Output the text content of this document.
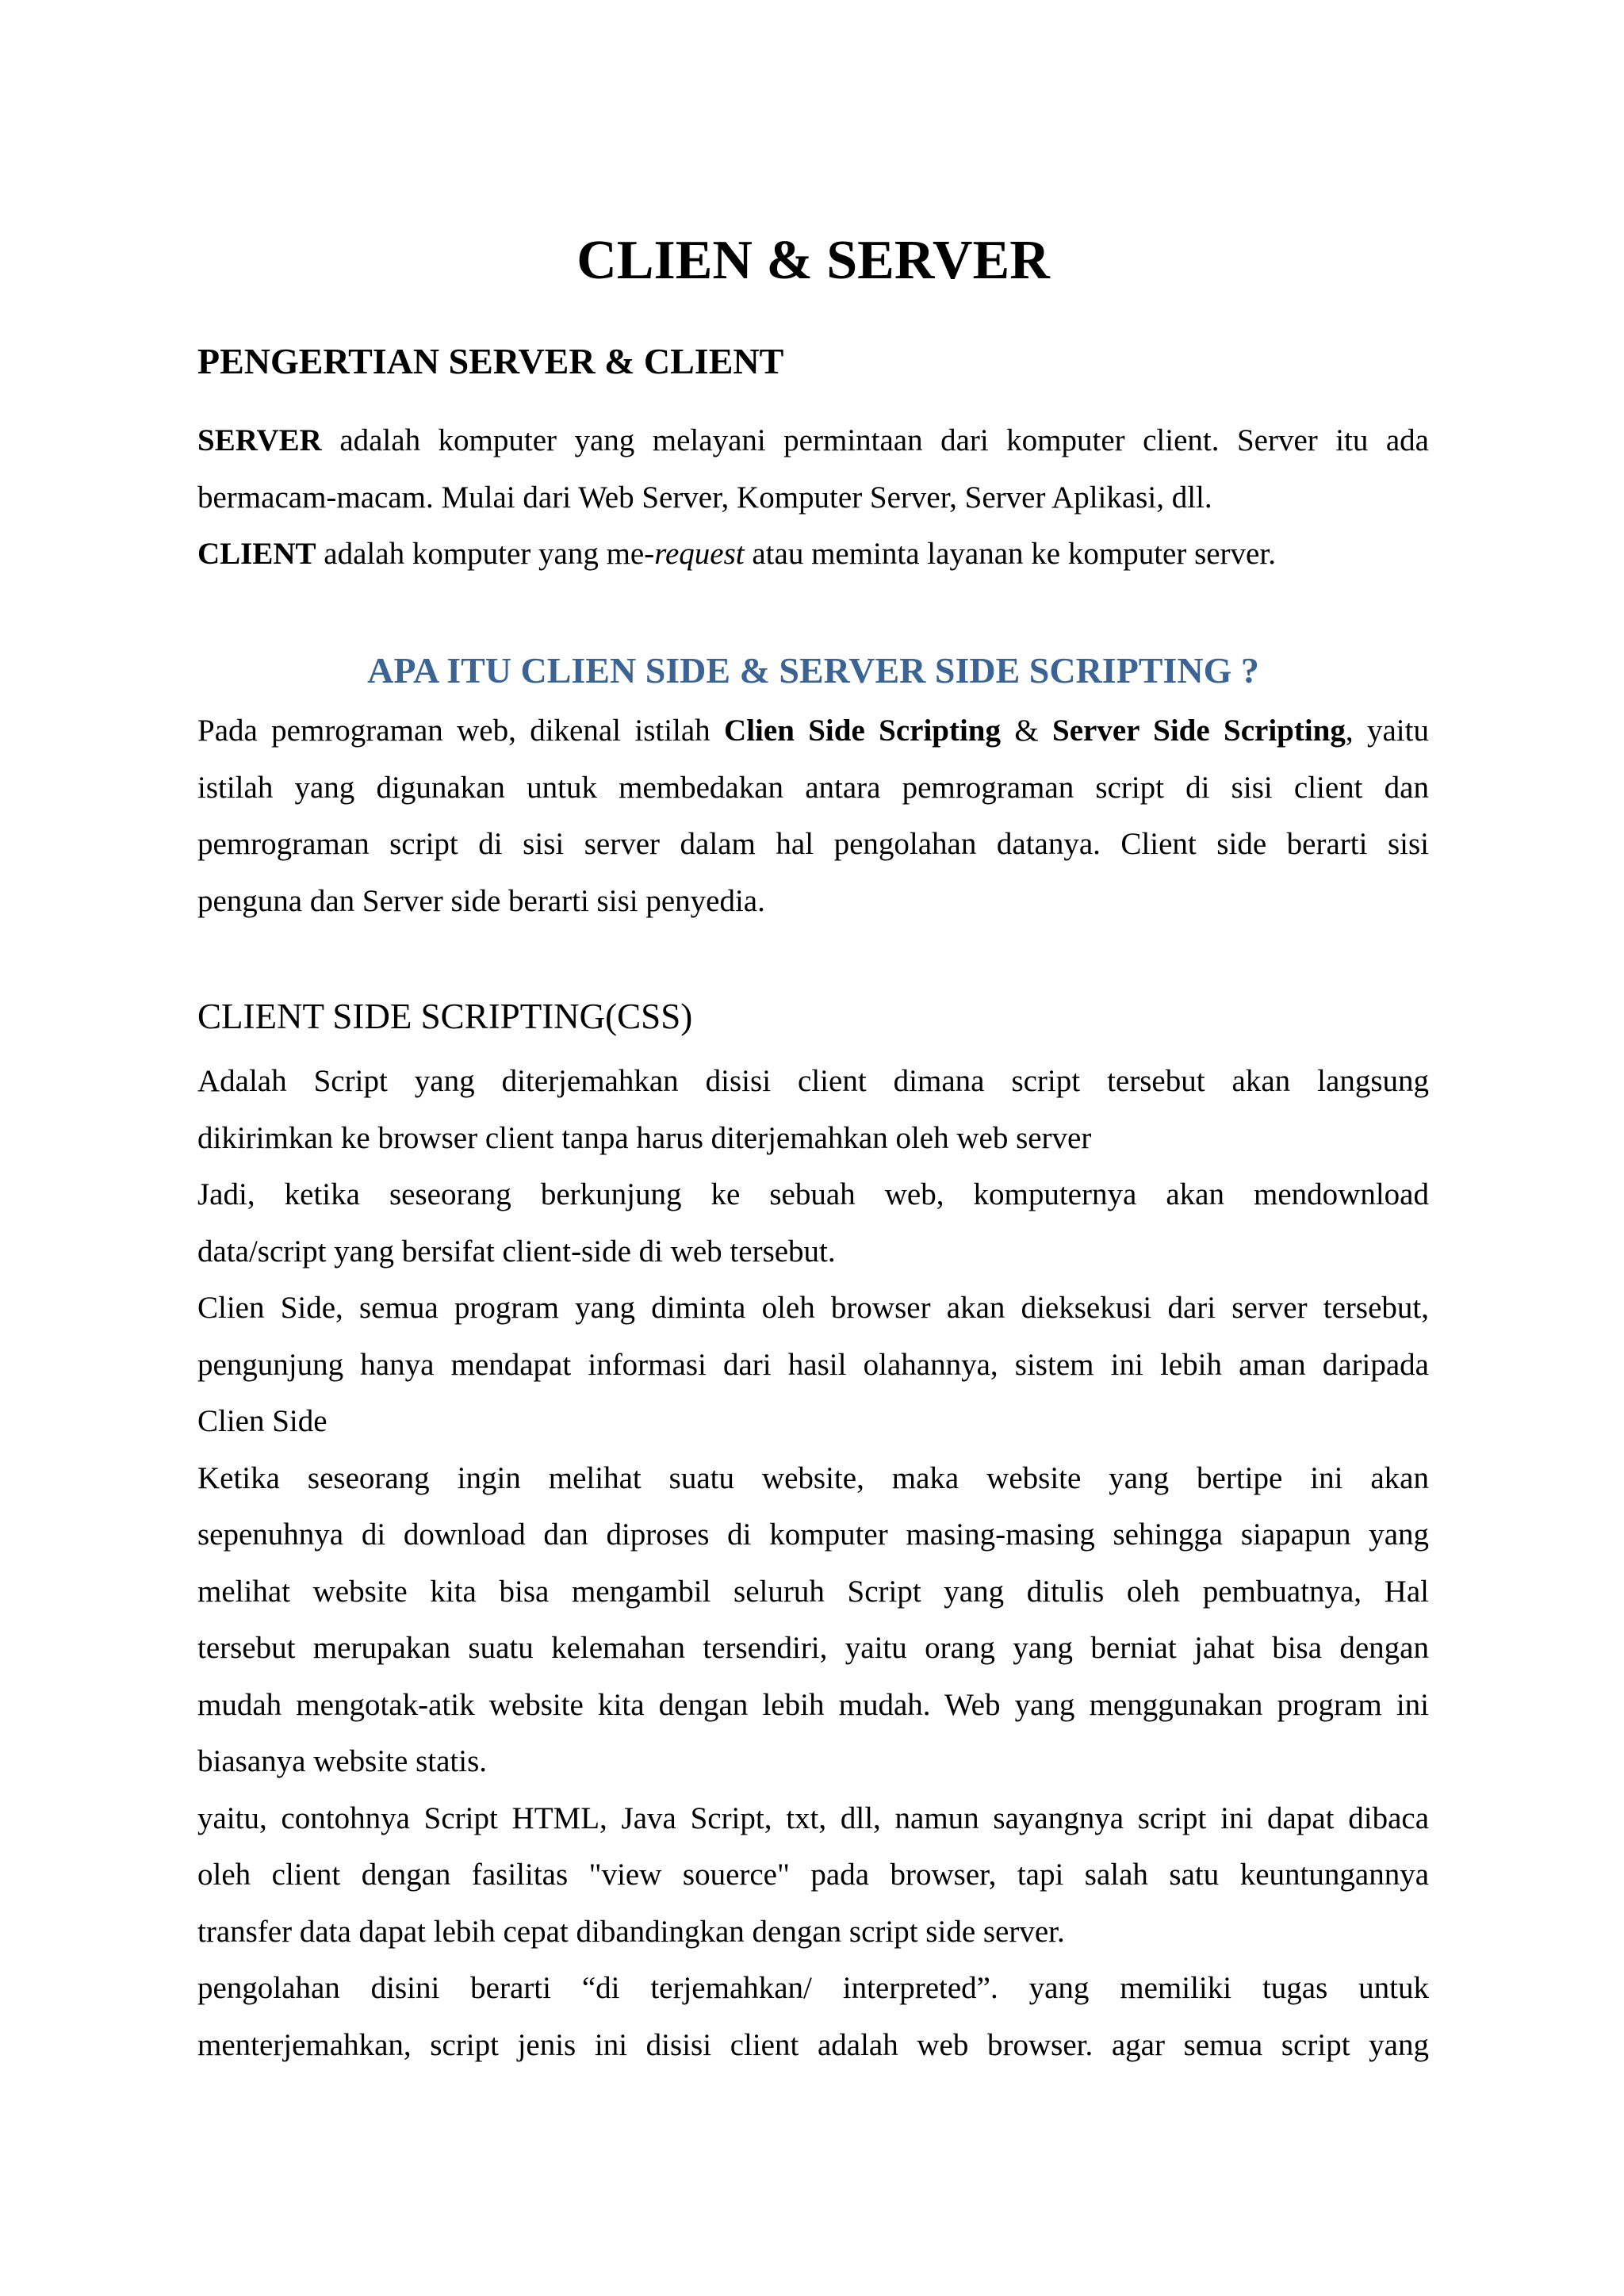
CLIEN & SERVER
PENGERTIAN SERVER & CLIENT
SERVER adalah komputer yang melayani permintaan dari komputer client. Server itu ada
bermacam-macam. Mulai dari Web Server, Komputer Server, Server Aplikasi, dll.
CLIENT adalah komputer yang me-request atau meminta layanan ke komputer server.
APA ITU CLIEN SIDE & SERVER SIDE SCRIPTING ?
Pada pemrograman web, dikenal istilah Clien Side Scripting & Server Side Scripting, yaitu
istilah yang digunakan untuk membedakan antara pemrograman script di sisi client dan
pemrograman script di sisi server dalam hal pengolahan datanya. Client side berarti sisi
penguna dan Server side berarti sisi penyedia.
CLIENT SIDE SCRIPTING(CSS)
Adalah Script yang diterjemahkan disisi client dimana script tersebut akan langsung
dikirimkan ke browser client tanpa harus diterjemahkan oleh web server
Jadi, ketika seseorang berkunjung ke sebuah web, komputernya akan mendownload
data/script yang bersifat client-side di web tersebut.
Clien Side, semua program yang diminta oleh browser akan dieksekusi dari server tersebut,
pengunjung hanya mendapat informasi dari hasil olahannya, sistem ini lebih aman daripada
Clien Side
Ketika seseorang ingin melihat suatu website, maka website yang bertipe ini akan
sepenuhnya di download dan diproses di komputer masing-masing sehingga siapapun yang
melihat website kita bisa mengambil seluruh Script yang ditulis oleh pembuatnya, Hal
tersebut merupakan suatu kelemahan tersendiri, yaitu orang yang berniat jahat bisa dengan
mudah mengotak-atik website kita dengan lebih mudah. Web yang menggunakan program ini
biasanya website statis.
yaitu, contohnya Script HTML, Java Script, txt, dll, namun sayangnya script ini dapat dibaca
oleh client dengan fasilitas "view souerce" pada browser, tapi salah satu keuntungannya
transfer data dapat lebih cepat dibandingkan dengan script side server.
pengolahan disini berarti “di terjemahkan/ interpreted”. yang memiliki tugas untuk
menterjemahkan, script jenis ini disisi client adalah web browser. agar semua script yang
